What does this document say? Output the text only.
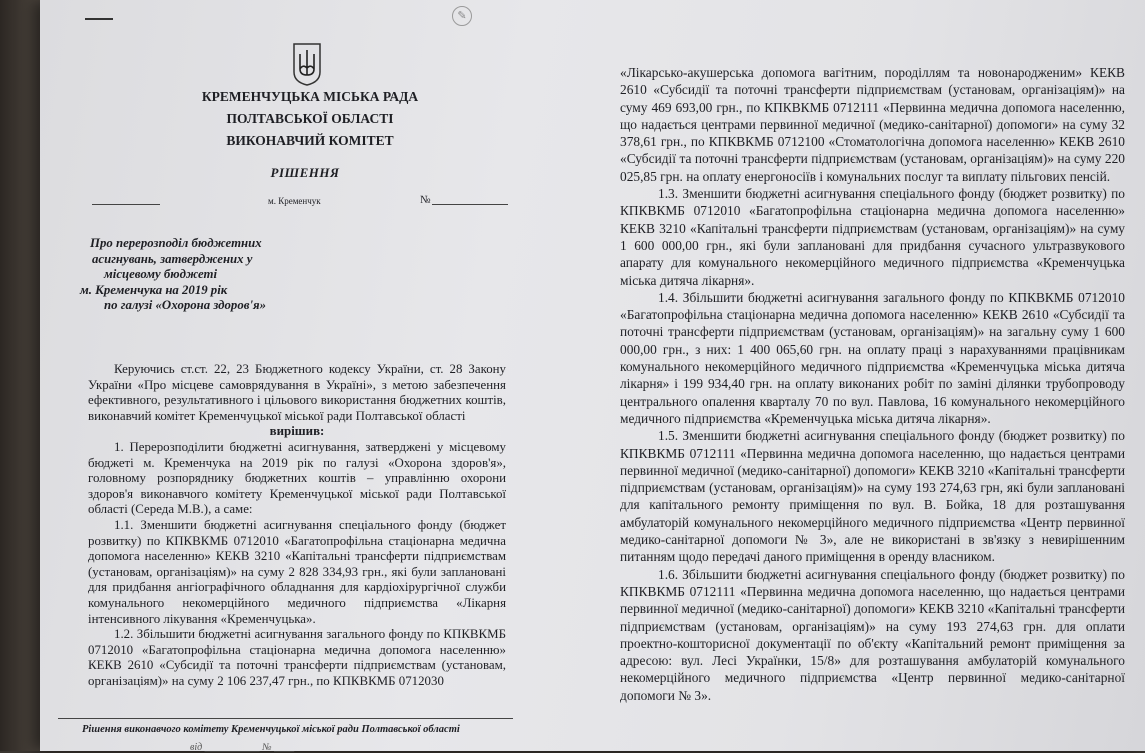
✎
КРЕМЕНЧУЦЬКА МІСЬКА РАДА
ПОЛТАВСЬКОЇ ОБЛАСТІ
ВИКОНАВЧИЙ КОМІТЕТ
РІШЕННЯ
м. Кременчук	№
Про перерозподіл бюджетних
асигнувань, затверджених у
місцевому бюджеті
м. Кременчука на 2019 рік
по галузі «Охорона здоров'я»

Керуючись ст.ст. 22, 23 Бюджетного кодексу України, ст. 28 Закону України «Про місцеве самоврядування в Україні», з метою забезпечення ефективного, результативного і цільового використання бюджетних коштів, виконавчий комітет Кременчуцької міської ради Полтавської області

вирішив:

1. Перерозподілити бюджетні асигнування, затверджені у місцевому бюджеті м. Кременчука на 2019 рік по галузі «Охорона здоров'я», головному розпоряднику бюджетних коштів – управлінню охорони здоров'я виконавчого комітету Кременчуцької міської ради Полтавської області (Середа М.В.), а саме:

1.1. Зменшити бюджетні асигнування спеціального фонду (бюджет розвитку) по КПКВКМБ 0712010 «Багатопрофільна стаціонарна медична допомога населенню» КЕКВ 3210 «Капітальні трансферти підприємствам (установам, організаціям)» на суму 2 828 334,93 грн., які були заплановані для придбання ангіографічного обладнання для кардіохірургічної служби комунального некомерційного медичного підприємства «Лікарня інтенсивного лікування «Кременчуцька».

1.2. Збільшити бюджетні асигнування загального фонду по КПКВКМБ 0712010 «Багатопрофільна стаціонарна медична допомога населенню» КЕКВ 2610 «Субсидії та поточні трансферти підприємствам (установам, організаціям)» на суму 2 106 237,47 грн., по КПКВКМБ 0712030

Рішення виконавчого комітету Кременчуцької міської ради Полтавської області
від ___________ № ____

«Лікарсько-акушерська допомога вагітним, породіллям та новонародженим» КЕКВ 2610 «Субсидії та поточні трансферти підприємствам (установам, організаціям)» на суму 469 693,00 грн., по КПКВКМБ 0712111 «Первинна медична допомога населенню, що надається центрами первинної медичної (медико-санітарної) допомоги» на суму 32 378,61 грн., по КПКВКМБ 0712100 «Стоматологічна допомога населенню» КЕКВ 2610 «Субсидії та поточні трансферти підприємствам (установам, організаціям)» на суму 220 025,85 грн. на оплату енергоносіїв і комунальних послуг та виплату пільгових пенсій.

1.3. Зменшити бюджетні асигнування спеціального фонду (бюджет розвитку) по КПКВКМБ 0712010 «Багатопрофільна стаціонарна медична допомога населенню» КЕКВ 3210 «Капітальні трансферти підприємствам (установам, організаціям)» на суму 1 600 000,00 грн., які були заплановані для придбання сучасного ультразвукового апарату для комунального некомерційного медичного підприємства «Кременчуцька міська дитяча лікарня».

1.4. Збільшити бюджетні асигнування загального фонду по КПКВКМБ 0712010 «Багатопрофільна стаціонарна медична допомога населенню» КЕКВ 2610 «Субсидії та поточні трансферти підприємствам (установам, організаціям)» на загальну суму 1 600 000,00 грн., з них: 1 400 065,60 грн. на оплату праці з нарахуваннями працівникам комунального некомерційного медичного підприємства «Кременчуцька міська дитяча лікарня» і 199 934,40 грн. на оплату виконаних робіт по заміні ділянки трубопроводу центрального опалення кварталу 70 по вул. Павлова, 16 комунального некомерційного медичного підприємства «Кременчуцька міська дитяча лікарня».

1.5. Зменшити бюджетні асигнування спеціального фонду (бюджет розвитку) по КПКВКМБ 0712111 «Первинна медична допомога населенню, що надається центрами первинної медичної (медико-санітарної) допомоги» КЕКВ 3210 «Капітальні трансферти підприємствам (установам, організаціям)» на суму 193 274,63 грн, які були заплановані для капітального ремонту приміщення по вул. В. Бойка, 18 для розташування амбулаторій комунального некомерційного медичного підприємства «Центр первинної медико-санітарної допомоги № 3», але не використані в зв'язку з невирішенним питанням щодо передачі даного приміщення в оренду власником.

1.6. Збільшити бюджетні асигнування спеціального фонду (бюджет розвитку) по КПКВКМБ 0712111 «Первинна медична допомога населенню, що надається центрами первинної медичної (медико-санітарної) допомоги» КЕКВ 3210 «Капітальні трансферти підприємствам (установам, організаціям)» на суму 193 274,63 грн. для оплати проектно-кошторисної документації по об'єкту «Капітальний ремонт приміщення за адресою: вул. Лесі Українки, 15/8» для розташування амбулаторій комунального некомерційного медичного підприємства «Центр первинної медико-санітарної допомоги № 3».
